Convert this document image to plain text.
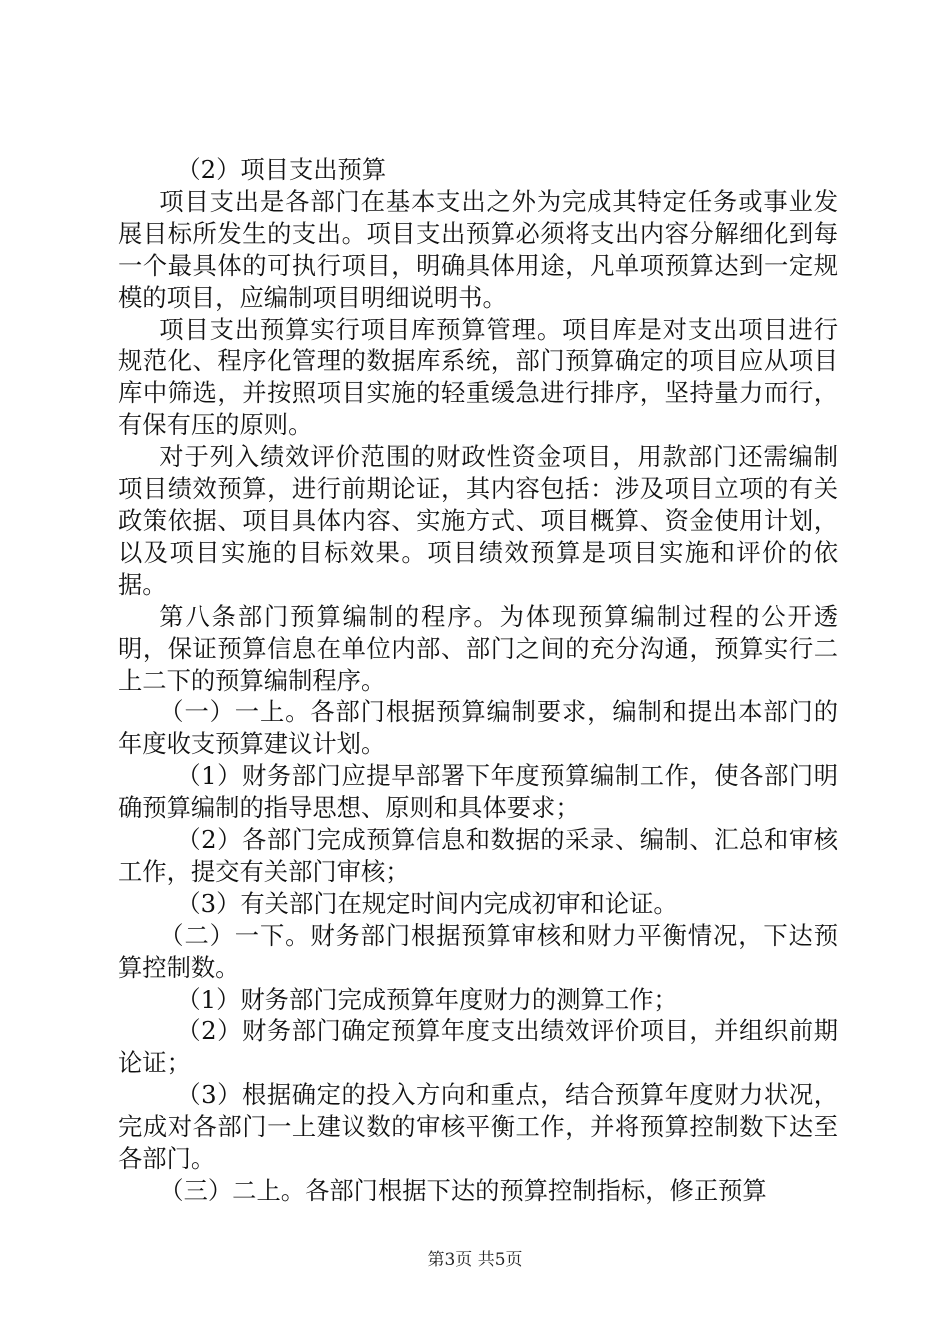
（2）项目支出预算

项目支出是各部门在基本支出之外为完成其特定任务或事业发展目标所发生的支出。项目支出预算必须将支出内容分解细化到每一个最具体的可执行项目，明确具体用途，凡单项预算达到一定规模的项目，应编制项目明细说明书。

项目支出预算实行项目库预算管理。项目库是对支出项目进行规范化、程序化管理的数据库系统，部门预算确定的项目应从项目库中筛选，并按照项目实施的轻重缓急进行排序，坚持量力而行，有保有压的原则。

对于列入绩效评价范围的财政性资金项目，用款部门还需编制项目绩效预算，进行前期论证，其内容包括：涉及项目立项的有关政策依据、项目具体内容、实施方式、项目概算、资金使用计划，以及项目实施的目标效果。项目绩效预算是项目实施和评价的依据。

第八条部门预算编制的程序。为体现预算编制过程的公开透明，保证预算信息在单位内部、部门之间的充分沟通，预算实行二上二下的预算编制程序。

（一）一上。各部门根据预算编制要求，编制和提出本部门的年度收支预算建议计划。

（1）财务部门应提早部署下年度预算编制工作，使各部门明确预算编制的指导思想、原则和具体要求；

（2）各部门完成预算信息和数据的采录、编制、汇总和审核工作，提交有关部门审核；

（3）有关部门在规定时间内完成初审和论证。

（二）一下。财务部门根据预算审核和财力平衡情况，下达预算控制数。

（1）财务部门完成预算年度财力的测算工作；

（2）财务部门确定预算年度支出绩效评价项目，并组织前期论证；

（3）根据确定的投入方向和重点，结合预算年度财力状况，完成对各部门一上建议数的审核平衡工作，并将预算控制数下达至各部门。

（三）二上。各部门根据下达的预算控制指标，修正预算

第3页 共5页
